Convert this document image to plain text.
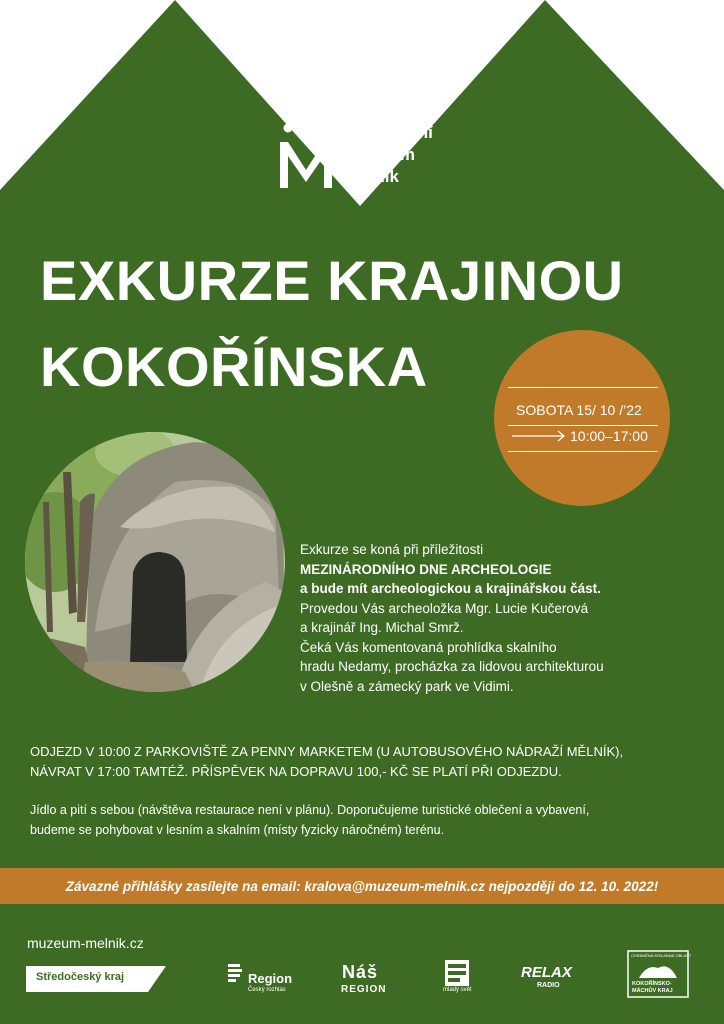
Regionální
muzeum
Mělník
EXKURZE KRAJINOU
KOKOŘÍNSKA
SOBOTA 15/ 10 /’22
10:00–17:00
Exkurze se koná při příležitosti
MEZINÁRODNÍHO DNE ARCHEOLOGIE
a bude mít archeologickou a krajinářskou část.
Provedou Vás archeoložka Mgr. Lucie Kučerová
a krajinář Ing. Michal Smrž.
Čeká Vás komentovaná prohlídka skalního
hradu Nedamy, procházka za lidovou architekturou
v Olešně a zámecký park ve Vidimi.
ODJEZD V 10:00 Z PARKOVIŠTĚ ZA PENNY MARKETEM (U AUTOBUSOVÉHO NÁDRAŽÍ MĚLNÍK),
NÁVRAT V 17:00 TAMTÉŽ. PŘÍSPĚVEK NA DOPRAVU 100,- KČ SE PLATÍ PŘI ODJEZDU.
Jídlo a pití s sebou (návštěva restaurace není v plánu). Doporučujeme turistické oblečení a vybavení,
budeme se pohybovat v lesním a skalním (místy fyzicky náročném) terénu.
Závazné přihlášky zasílejte na email: kralova@muzeum-melnik.cz nejpozději do 12. 10. 2022!
muzeum-melnik.cz
Středočeský kraj	Region
Český rozhlas
Náš
REGION	mladý svět
RELAX
RADIO
CHRÁNĚNÁ KRAJINNÁ OBLAST
KOKOŘÍNSKO-
MÁCHŮV KRAJ
